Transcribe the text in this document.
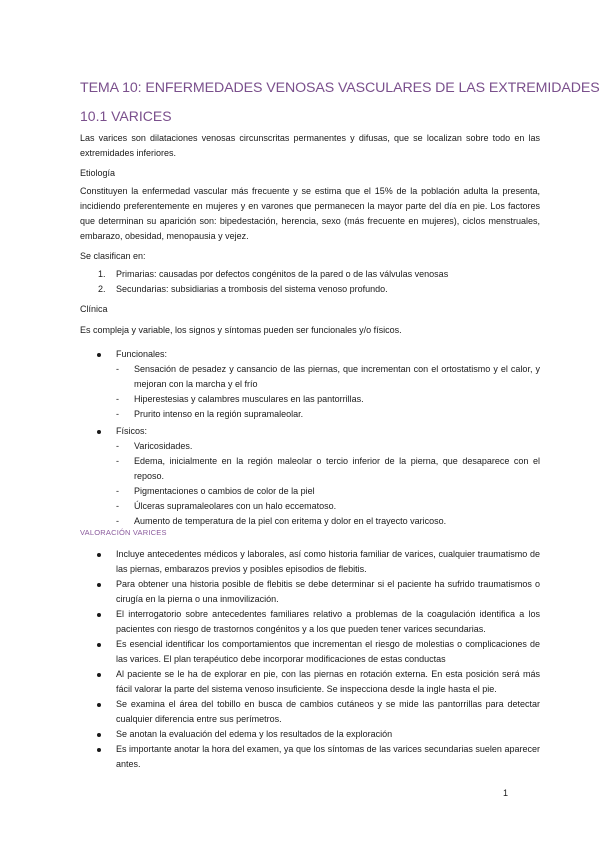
TEMA 10: ENFERMEDADES VENOSAS VASCULARES DE LAS EXTREMIDADES
10.1 VARICES
Las varices son dilataciones venosas circunscritas permanentes y difusas, que se localizan sobre todo en las extremidades inferiores.
Etiología
Constituyen la enfermedad vascular más frecuente y se estima que el 15% de la población adulta la presenta, incidiendo preferentemente en mujeres y en varones que permanecen la mayor parte del día en pie. Los factores que determinan su aparición son: bipedestación, herencia, sexo (más frecuente en mujeres), ciclos menstruales, embarazo, obesidad, menopausia y vejez.
Se clasifican en:
1. Primarias: causadas por defectos congénitos de la pared o de las válvulas venosas
2. Secundarias: subsidiarias a trombosis del sistema venoso profundo.
Clínica
Es compleja y variable, los signos y síntomas pueden ser funcionales y/o físicos.
Funcionales:
- Sensación de pesadez y cansancio de las piernas, que incrementan con el ortostatismo y el calor, y mejoran con la marcha y el frío
- Hiperestesias y calambres musculares en las pantorrillas.
- Prurito intenso en la región supramaleolar.
Físicos:
- Varicosidades.
- Edema, inicialmente en la región maleolar o tercio inferior de la pierna, que desaparece con el reposo.
- Pigmentaciones o cambios de color de la piel
- Úlceras supramaleolares con un halo eccematoso.
- Aumento de temperatura de la piel con eritema y dolor en el trayecto varicoso.
VALORACIÓN VARICES
Incluye antecedentes médicos y laborales, así como historia familiar de varices, cualquier traumatismo de las piernas, embarazos previos y posibles episodios de flebitis.
Para obtener una historia posible de flebitis se debe determinar si el paciente ha sufrido traumatismos o cirugía en la pierna o una inmovilización.
El interrogatorio sobre antecedentes familiares relativo a problemas de la coagulación identifica a los pacientes con riesgo de trastornos congénitos y a los que pueden tener varices secundarias.
Es esencial identificar los comportamientos que incrementan el riesgo de molestias o complicaciones de las varices. El plan terapéutico debe incorporar modificaciones de estas conductas
Al paciente se le ha de explorar en pie, con las piernas en rotación externa. En esta posición será más fácil valorar la parte del sistema venoso insuficiente. Se inspecciona desde la ingle hasta el pie.
Se examina el área del tobillo en busca de cambios cutáneos y se mide las pantorrillas para detectar cualquier diferencia entre sus perímetros.
Se anotan la evaluación del edema y los resultados de la exploración
Es importante anotar la hora del examen, ya que los síntomas de las varices secundarias suelen aparecer antes.
1
